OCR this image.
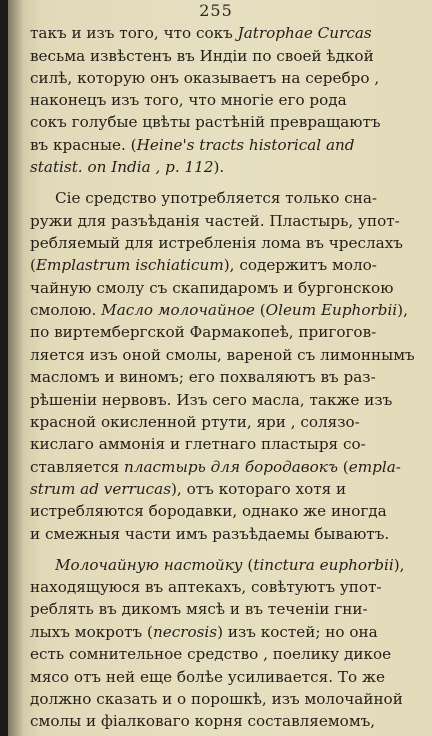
255
такъ и изъ того, что сокъ Jatrophae Curcas
весьма извѣстенъ въ Индіи по своей ѣдкой
силѣ, которую онъ оказываетъ на серебро ,
наконецъ изъ того, что многіе его рода
сокъ голубые цвѣты растѣній превращаютъ
въ красные. (Heine's tracts historical and
statist. on India , p. 112).
Сіе средство употребляется только сна-
ружи для разъѣданія частей. Пластырь, упот-
ребляемый для истребленія лома въ чреслахъ
(Emplastrum ischiaticum), содержитъ моло-
чайную смолу съ скапидаромъ и бургонскою
смолою. Масло молочайное (Oleum Euphorbii),
по виртембергской Фармакопеѣ, пригогов-
ляется изъ оной смолы, вареной съ лимоннымъ
масломъ и виномъ; его похваляютъ въ раз-
рѣшеніи нервовъ. Изъ сего масла, также изъ
красной окисленной ртути, яри , солязо-
кислаго аммонія и глетнаго пластыря со-
ставляется пластырь для бородавокъ (empla-
strum ad verrucas), отъ котораго хотя и
истребляются бородавки, однако же иногда
и смежныя части имъ разъѣдаемы бываютъ.
Молочайную настойку (tinctura euphorbii),
находящуюся въ аптекахъ, совѣтуютъ упот-
реблять въ дикомъ мясѣ и въ теченіи гни-
лыхъ мокротъ (necrosis) изъ костей; но она
есть сомнительное средство , поелику дикое
мясо отъ ней еще болѣе усиливается. То же
должно сказать и о порошкѣ, изъ молочайной
смолы и фіалковаго корня составляемомъ,
